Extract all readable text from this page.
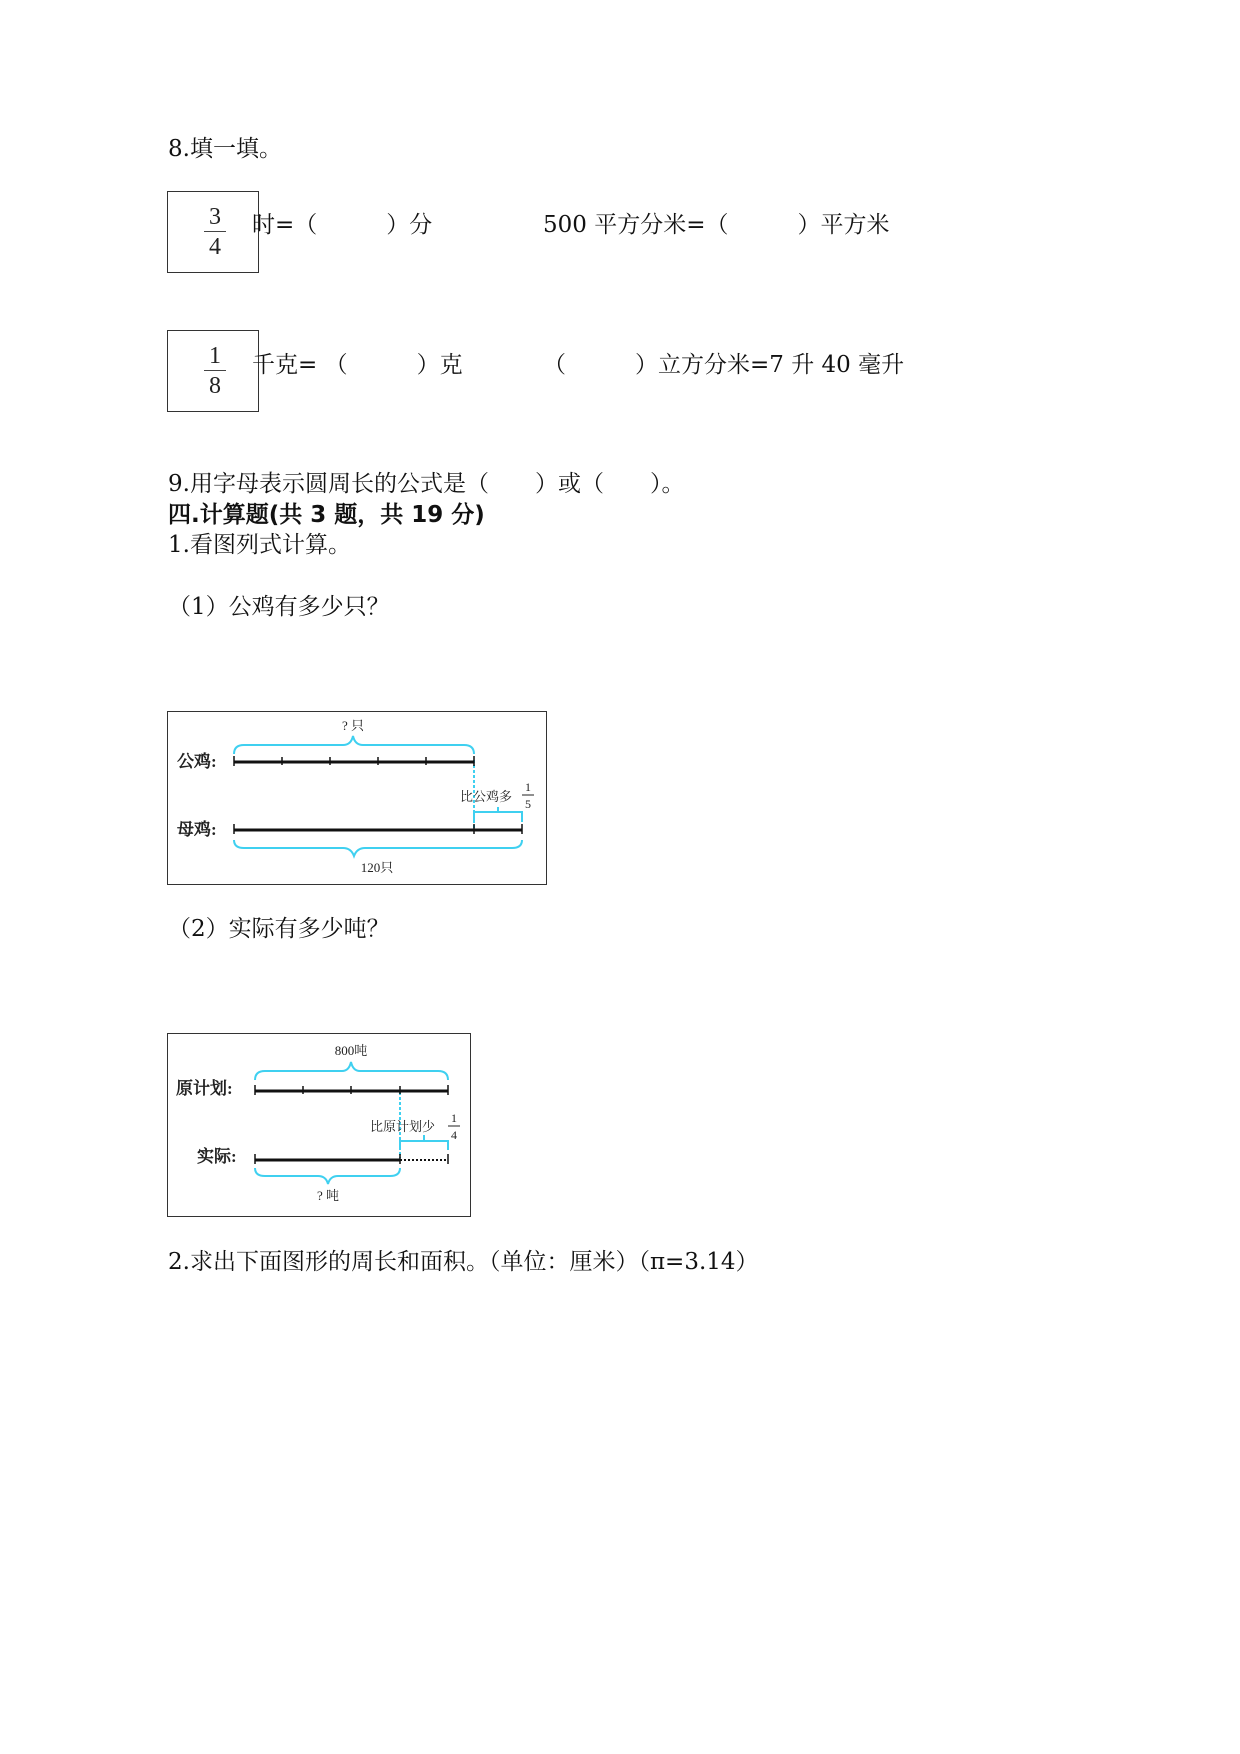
8.填一填。
3
4
时=（　　　）分	500 平方分米=（　　　）平方米
1
8
千克= （　　　）克	（　　　）立方分米=7 升 40 毫升
9.用字母表示圆周长的公式是（　　）或（　　）。
四.计算题(共 3 题，共 19 分)
1.看图列式计算。
（1）公鸡有多少只？
? 只
公鸡:
母鸡:
比公鸡多
1
5
120只
（2）实际有多少吨？
800吨
原计划:
实际:
比原计划少
1
4
? 吨
2.求出下面图形的周长和面积。（单位：厘米）（π=3.14）
